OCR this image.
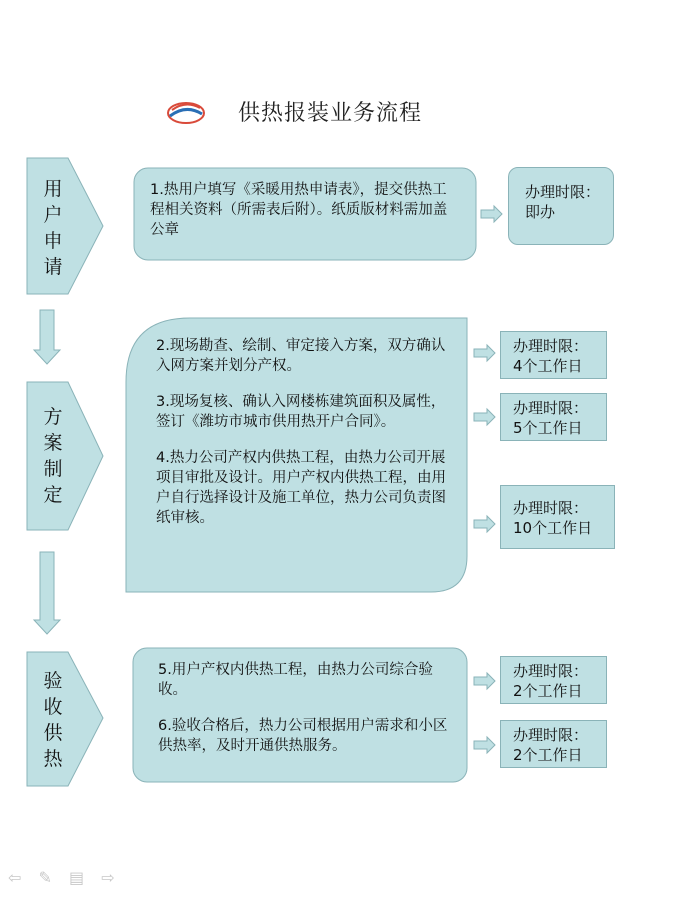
供热报装业务流程
用户申请
方案制定
验收供热
1.热用户填写《采暖用热申请表》，提交供热工程相关资料（所需表后附）。纸质版材料需加盖公章

2.现场勘查、绘制、审定接入方案，双方确认入网方案并划分产权。

3.现场复核、确认入网楼栋建筑面积及属性，签订《潍坊市城市供用热开户合同》。

4.热力公司产权内供热工程，由热力公司开展项目审批及设计。用户产权内供热工程，由用户自行选择设计及施工单位，热力公司负责图纸审核。

5.用户产权内供热工程，由热力公司综合验收。

6.验收合格后，热力公司根据用户需求和小区供热率，及时开通供热服务。

办理时限：
即办
办理时限：
4个工作日
办理时限：
5个工作日
办理时限：
10个工作日
办理时限：
2个工作日
办理时限：
2个工作日
⇦ ✎ ▤ ⇨
